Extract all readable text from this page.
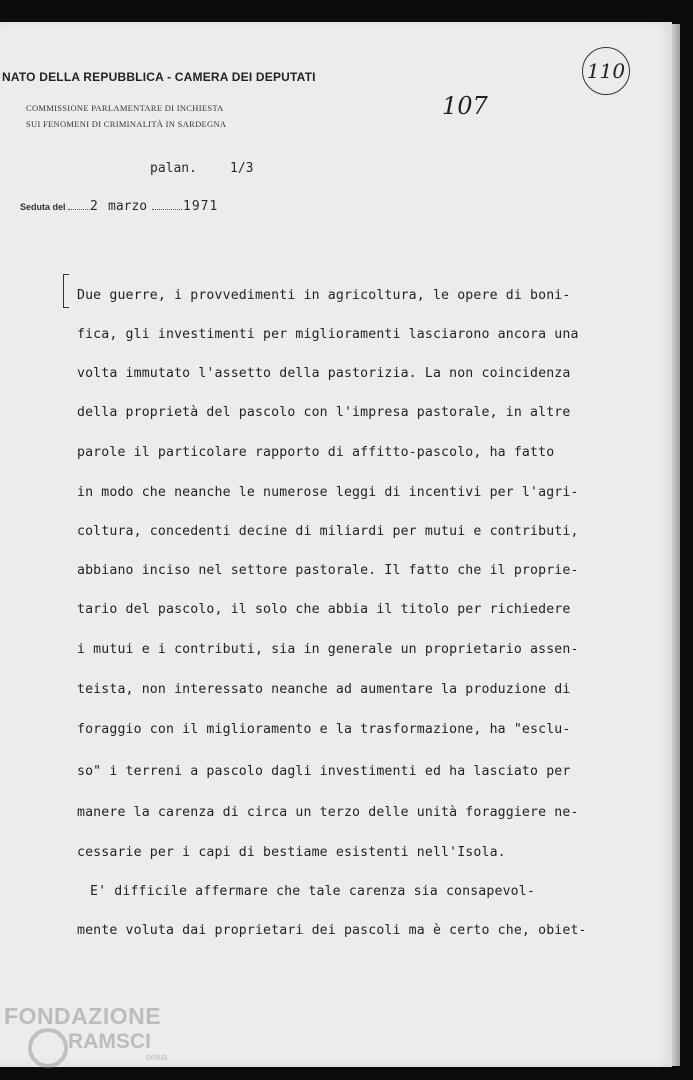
NATO DELLA REPUBBLICA - CAMERA DEI DEPUTATI
COMMISSIONE PARLAMENTARE DI INCHIESTA
SUI FENOMENI DI CRIMINALITÀ IN SARDEGNA
107
110
palan.	1/3
Seduta del 2 marzo	1971
Due guerre, i provvedimenti in agricoltura, le opere di boni-
fica, gli investimenti per miglioramenti lasciarono ancora una
volta immutato l'assetto della pastorizia. La non coincidenza
della proprietà del pascolo con l'impresa pastorale, in altre
parole il particolare rapporto di affitto-pascolo, ha fatto
in modo che neanche le numerose leggi di incentivi per l'agri-
coltura, concedenti decine di miliardi per mutui e contributi,
abbiano inciso nel settore pastorale. Il fatto che il proprie-
tario del pascolo, il solo che abbia il titolo per richiedere
i mutui e i contributi, sia in generale un proprietario assen-
teista, non interessato neanche ad aumentare la produzione di
foraggio con il miglioramento e la trasformazione, ha "esclu-
so" i terreni a pascolo dagli investimenti ed ha lasciato per
manere la carenza di circa un terzo delle unità foraggiere ne-
cessarie per i capi di bestiame esistenti nell'Isola.
E' difficile affermare che tale carenza sia consapevol-
mente voluta dai proprietari dei pascoli ma è certo che, obiet-
FONDAZIONE
RAMSCI
onlus
